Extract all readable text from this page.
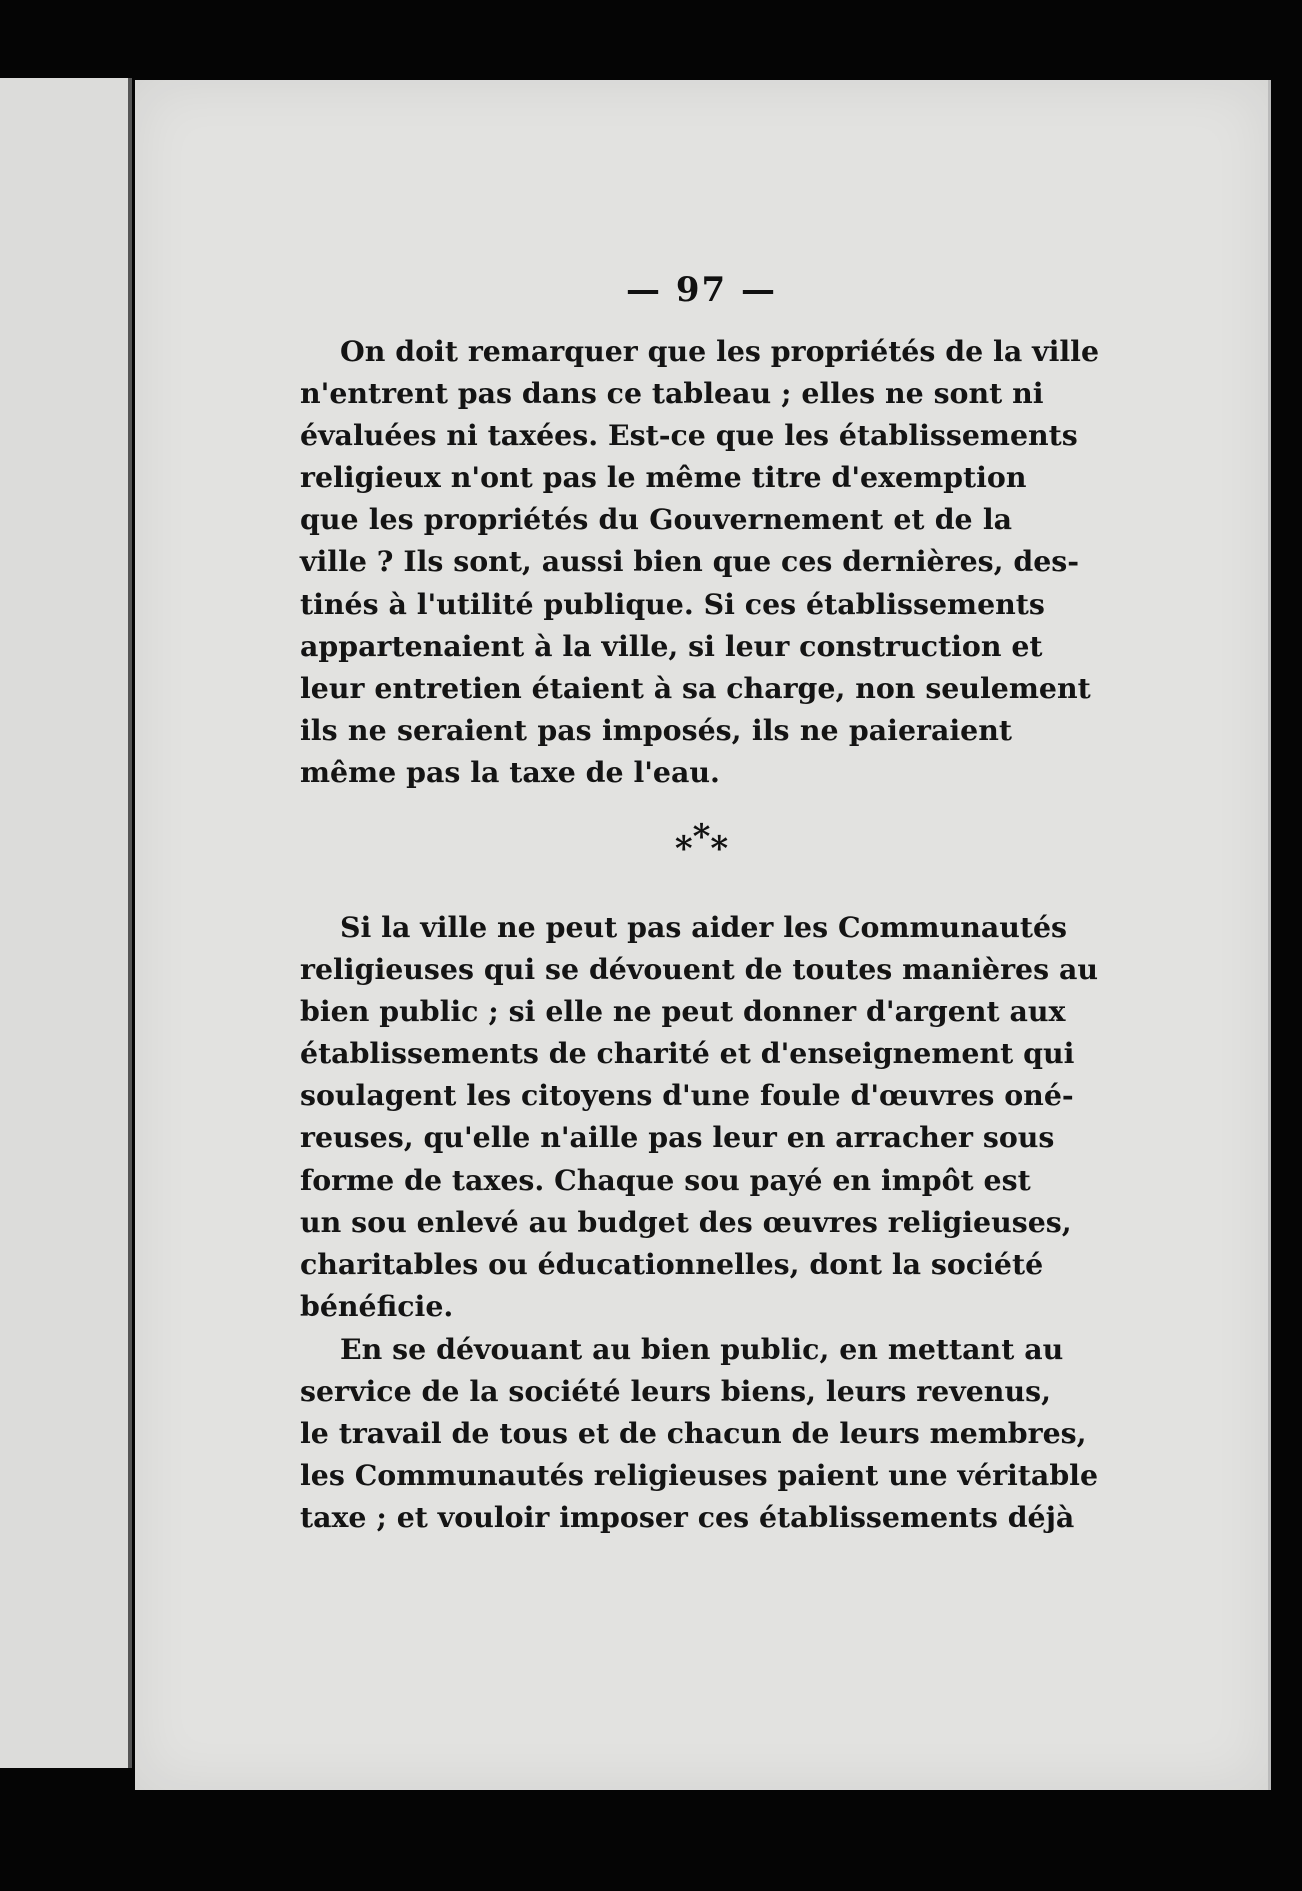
— 97 —
On doit remarquer que les propriétés de la ville
n'entrent pas dans ce tableau ; elles ne sont ni
évaluées ni taxées. Est-ce que les établissements
religieux n'ont pas le même titre d'exemption
que les propriétés du Gouvernement et de la
ville ? Ils sont, aussi bien que ces dernières, des-
tinés à l'utilité publique. Si ces établissements
appartenaient à la ville, si leur construction et
leur entretien étaient à sa charge, non seulement
ils ne seraient pas imposés, ils ne paieraient
même pas la taxe de l'eau.
***
Si la ville ne peut pas aider les Communautés
religieuses qui se dévouent de toutes manières au
bien public ; si elle ne peut donner d'argent aux
établissements de charité et d'enseignement qui
soulagent les citoyens d'une foule d'œuvres oné-
reuses, qu'elle n'aille pas leur en arracher sous
forme de taxes. Chaque sou payé en impôt est
un sou enlevé au budget des œuvres religieuses,
charitables ou éducationnelles, dont la société
bénéficie.
En se dévouant au bien public, en mettant au
service de la société leurs biens, leurs revenus,
le travail de tous et de chacun de leurs membres,
les Communautés religieuses paient une véritable
taxe ; et vouloir imposer ces établissements déjà
